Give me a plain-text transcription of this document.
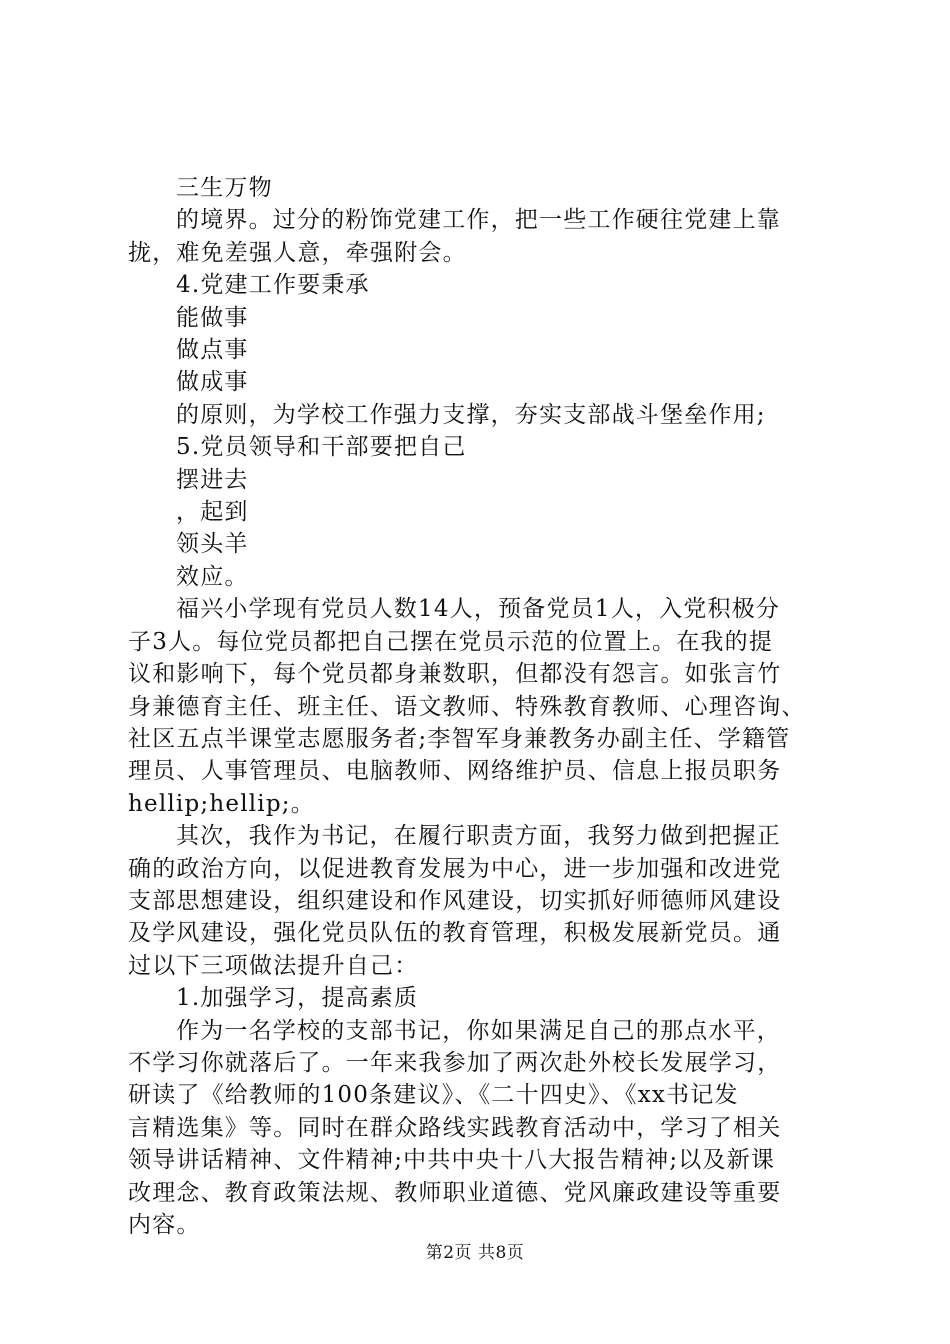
三生万物
的境界。过分的粉饰党建工作，把一些工作硬往党建上靠
拢，难免差强人意，牵强附会。
4.党建工作要秉承
能做事
做点事
做成事
的原则，为学校工作强力支撑，夯实支部战斗堡垒作用;
5.党员领导和干部要把自己
摆进去
，起到
领头羊
效应。
福兴小学现有党员人数14人，预备党员1人，入党积极分
子3人。每位党员都把自己摆在党员示范的位置上。在我的提
议和影响下，每个党员都身兼数职，但都没有怨言。如张言竹
身兼德育主任、班主任、语文教师、特殊教育教师、心理咨询、
社区五点半课堂志愿服务者;李智军身兼教务办副主任、学籍管
理员、人事管理员、电脑教师、网络维护员、信息上报员职务
hellip;hellip;。
其次，我作为书记，在履行职责方面，我努力做到把握正
确的政治方向，以促进教育发展为中心，进一步加强和改进党
支部思想建设，组织建设和作风建设，切实抓好师德师风建设
及学风建设，强化党员队伍的教育管理，积极发展新党员。通
过以下三项做法提升自己：
1.加强学习，提高素质
作为一名学校的支部书记，你如果满足自己的那点水平，
不学习你就落后了。一年来我参加了两次赴外校长发展学习，
研读了《给教师的100条建议》、《二十四史》、《xx书记发
言精选集》等。同时在群众路线实践教育活动中，学习了相关
领导讲话精神、文件精神;中共中央十八大报告精神;以及新课
改理念、教育政策法规、教师职业道德、党风廉政建设等重要
内容。
第2页 共8页
